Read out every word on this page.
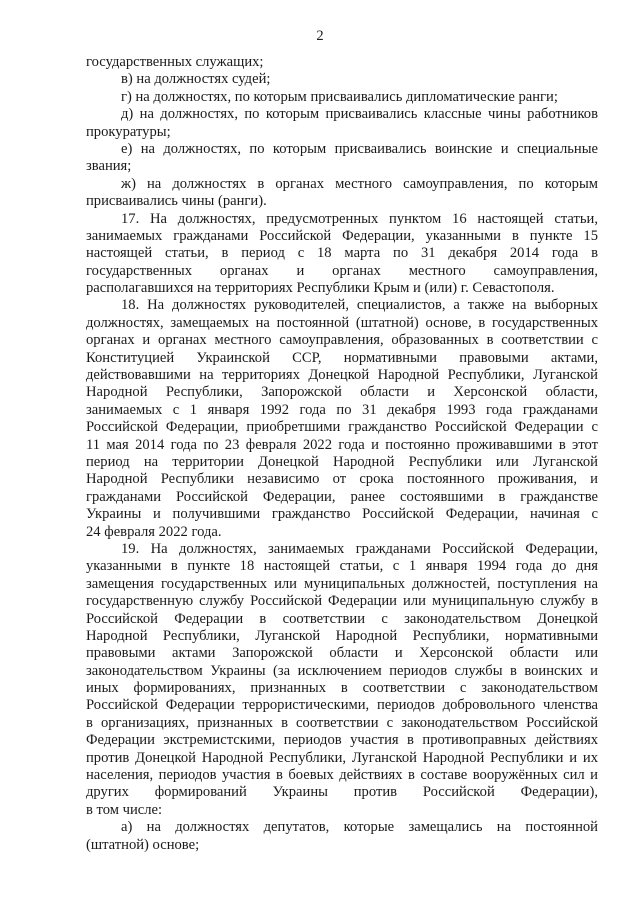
2

государственных служащих;

в) на должностях судей;

г) на должностях, по которым присваивались дипломатические ранги;

д) на должностях, по которым присваивались классные чины работников
прокуратуры;

е) на должностях, по которым присваивались воинские и специальные
звания;

ж) на должностях в органах местного самоуправления, по которым
присваивались чины (ранги).

17. На должностях, предусмотренных пунктом 16 настоящей статьи,
занимаемых гражданами Российской Федерации, указанными в пункте 15
настоящей статьи, в период с 18 марта по 31 декабря 2014 года в
государственных органах и органах местного самоуправления,
располагавшихся на территориях Республики Крым и (или) г. Севастополя.

18. На должностях руководителей, специалистов, а также на выборных
должностях, замещаемых на постоянной (штатной) основе, в государственных
органах и органах местного самоуправления, образованных в соответствии с
Конституцией Украинской ССР, нормативными правовыми актами,
действовавшими на территориях Донецкой Народной Республики, Луганской
Народной Республики, Запорожской области и Херсонской области,
занимаемых с 1 января 1992 года по 31 декабря 1993 года гражданами
Российской Федерации, приобретшими гражданство Российской Федерации с
11 мая 2014 года по 23 февраля 2022 года и постоянно проживавшими в этот
период на территории Донецкой Народной Республики или Луганской
Народной Республики независимо от срока постоянного проживания, и
гражданами Российской Федерации, ранее состоявшими в гражданстве
Украины и получившими гражданство Российской Федерации, начиная с
24 февраля 2022 года.

19. На должностях, занимаемых гражданами Российской Федерации,
указанными в пункте 18 настоящей статьи, с 1 января 1994 года до дня
замещения государственных или муниципальных должностей, поступления на
государственную службу Российской Федерации или муниципальную службу в
Российской Федерации в соответствии с законодательством Донецкой
Народной Республики, Луганской Народной Республики, нормативными
правовыми актами Запорожской области и Херсонской области или
законодательством Украины (за исключением периодов службы в воинских и
иных формированиях, признанных в соответствии с законодательством
Российской Федерации террористическими, периодов добровольного членства
в организациях, признанных в соответствии с законодательством Российской
Федерации экстремистскими, периодов участия в противоправных действиях
против Донецкой Народной Республики, Луганской Народной Республики и их
населения, периодов участия в боевых действиях в составе вооружённых сил и
других формирований Украины против Российской Федерации),
в том числе:

а) на должностях депутатов, которые замещались на постоянной
(штатной) основе;
